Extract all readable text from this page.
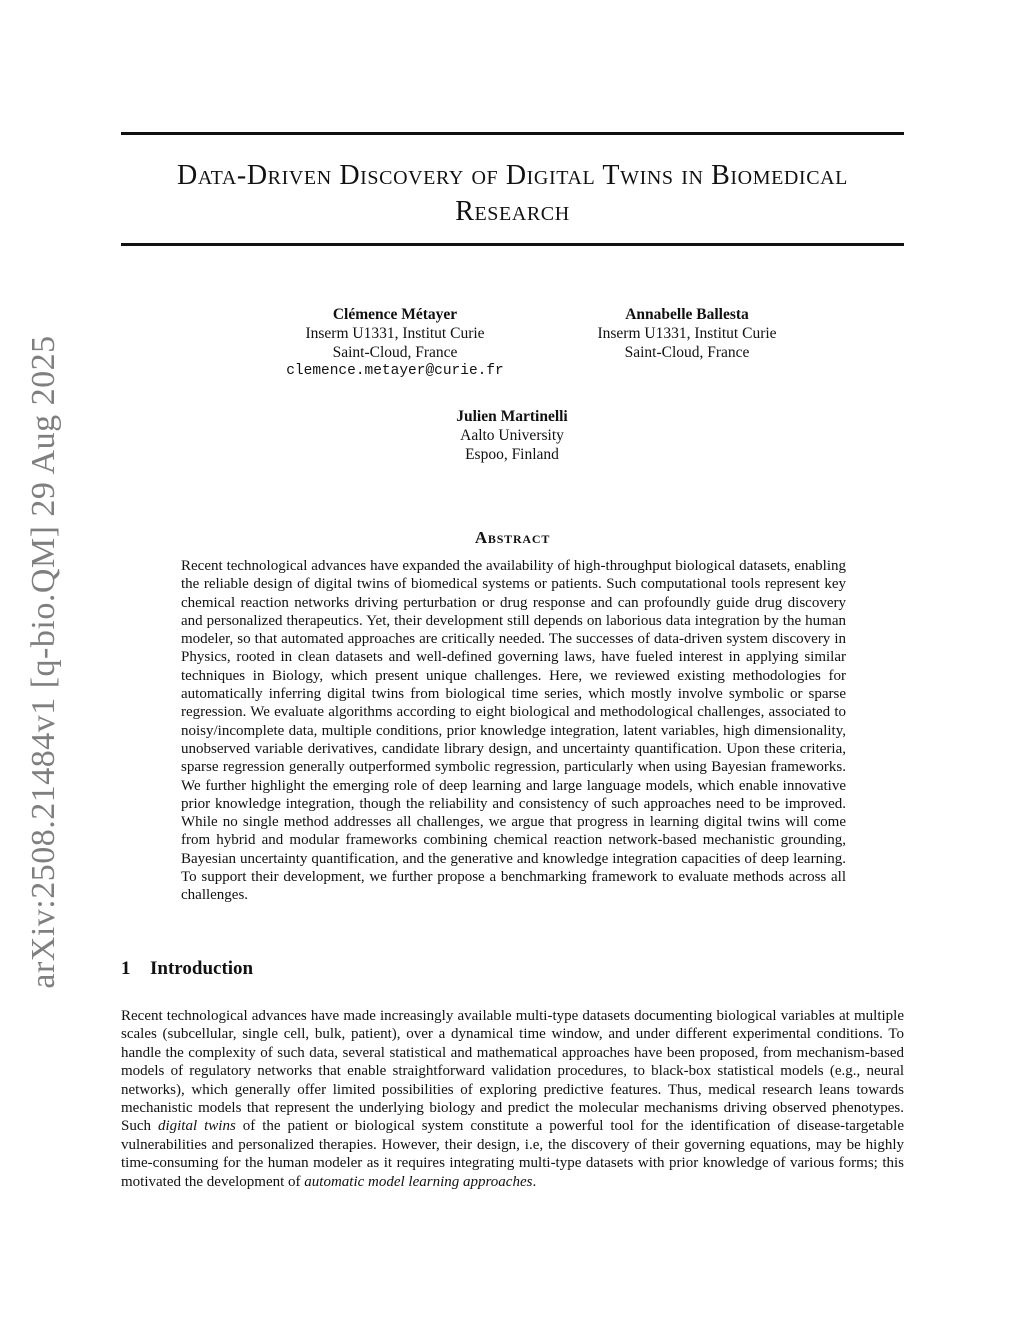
arXiv:2508.21484v1 [q-bio.QM] 29 Aug 2025
Data-Driven Discovery of Digital Twins in Biomedical
Research
Clémence Métayer
Inserm U1331, Institut Curie
Saint-Cloud, France
clemence.metayer@curie.fr
Annabelle Ballesta
Inserm U1331, Institut Curie
Saint-Cloud, France
Julien Martinelli
Aalto University
Espoo, Finland
Abstract

Recent technological advances have expanded the availability of high-throughput biological datasets, enabling the reliable design of digital twins of biomedical systems or patients. Such computational tools represent key chemical reaction networks driving perturbation or drug response and can profoundly guide drug discovery and personalized therapeutics. Yet, their development still depends on laborious data integration by the human modeler, so that automated approaches are critically needed. The successes of data-driven system discovery in Physics, rooted in clean datasets and well-defined governing laws, have fueled interest in applying similar techniques in Biology, which present unique challenges. Here, we reviewed existing methodologies for automatically inferring digital twins from biological time series, which mostly involve symbolic or sparse regression. We evaluate algorithms according to eight biological and methodological challenges, associated to noisy/incomplete data, multiple conditions, prior knowledge integration, latent variables, high dimensionality, unobserved variable derivatives, candidate library design, and uncertainty quantification. Upon these criteria, sparse regression generally outperformed symbolic regression, particularly when using Bayesian frameworks. We further highlight the emerging role of deep learning and large language models, which enable innovative prior knowledge integration, though the reliability and consistency of such approaches need to be improved. While no single method addresses all challenges, we argue that progress in learning digital twins will come from hybrid and modular frameworks combining chemical reaction network-based mechanistic grounding, Bayesian uncertainty quantification, and the generative and knowledge integration capacities of deep learning. To support their development, we further propose a benchmarking framework to evaluate methods across all challenges.

1 Introduction

Recent technological advances have made increasingly available multi-type datasets documenting biological variables at multiple scales (subcellular, single cell, bulk, patient), over a dynamical time window, and under different experimental conditions. To handle the complexity of such data, several statistical and mathematical approaches have been proposed, from mechanism-based models of regulatory networks that enable straightforward validation procedures, to black-box statistical models (e.g., neural networks), which generally offer limited possibilities of exploring predictive features. Thus, medical research leans towards mechanistic models that represent the underlying biology and predict the molecular mechanisms driving observed phenotypes. Such digital twins of the patient or biological system constitute a powerful tool for the identification of disease-targetable vulnerabilities and personalized therapies. However, their design, i.e, the discovery of their governing equations, may be highly time-consuming for the human modeler as it requires integrating multi-type datasets with prior knowledge of various forms; this motivated the development of automatic model learning approaches.
